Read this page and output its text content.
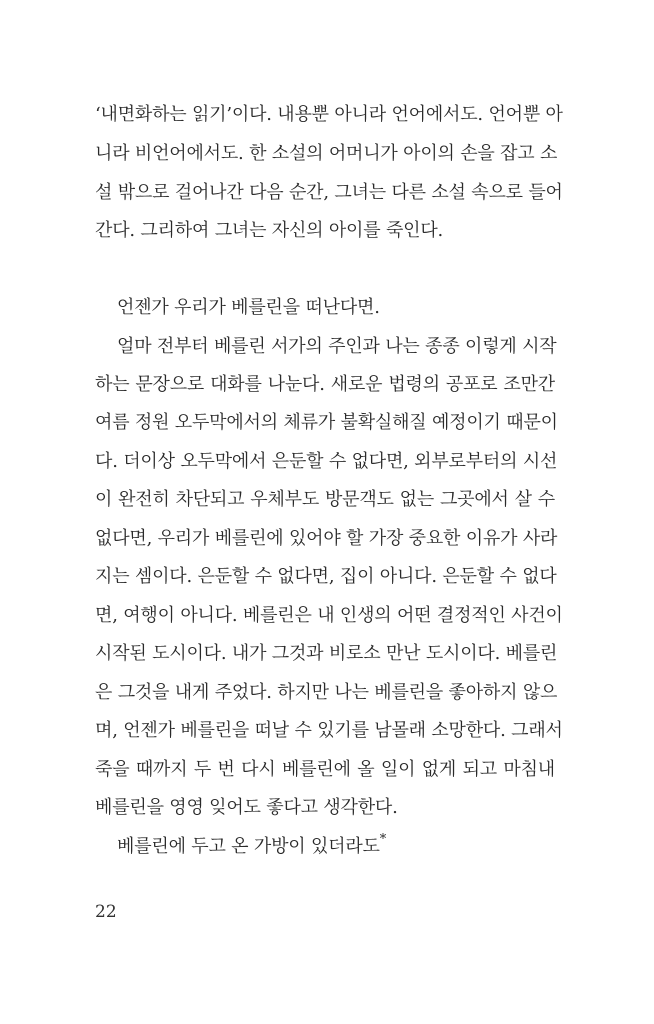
‘내면화하는 읽기’이다. 내용뿐 아니라 언어에서도. 언어뿐 아
니라 비언어에서도. 한 소설의 어머니가 아이의 손을 잡고 소
설 밖으로 걸어나간 다음 순간, 그녀는 다른 소설 속으로 들어
간다. 그리하여 그녀는 자신의 아이를 죽인다.
언젠가 우리가 베를린을 떠난다면.
얼마 전부터 베를린 서가의 주인과 나는 종종 이렇게 시작
하는 문장으로 대화를 나눈다. 새로운 법령의 공포로 조만간
여름 정원 오두막에서의 체류가 불확실해질 예정이기 때문이
다. 더이상 오두막에서 은둔할 수 없다면, 외부로부터의 시선
이 완전히 차단되고 우체부도 방문객도 없는 그곳에서 살 수
없다면, 우리가 베를린에 있어야 할 가장 중요한 이유가 사라
지는 셈이다. 은둔할 수 없다면, 집이 아니다. 은둔할 수 없다
면, 여행이 아니다. 베를린은 내 인생의 어떤 결정적인 사건이
시작된 도시이다. 내가 그것과 비로소 만난 도시이다. 베를린
은 그것을 내게 주었다. 하지만 나는 베를린을 좋아하지 않으
며, 언젠가 베를린을 떠날 수 있기를 남몰래 소망한다. 그래서
죽을 때까지 두 번 다시 베를린에 올 일이 없게 되고 마침내
베를린을 영영 잊어도 좋다고 생각한다.
베를린에 두고 온 가방이 있더라도*
22
